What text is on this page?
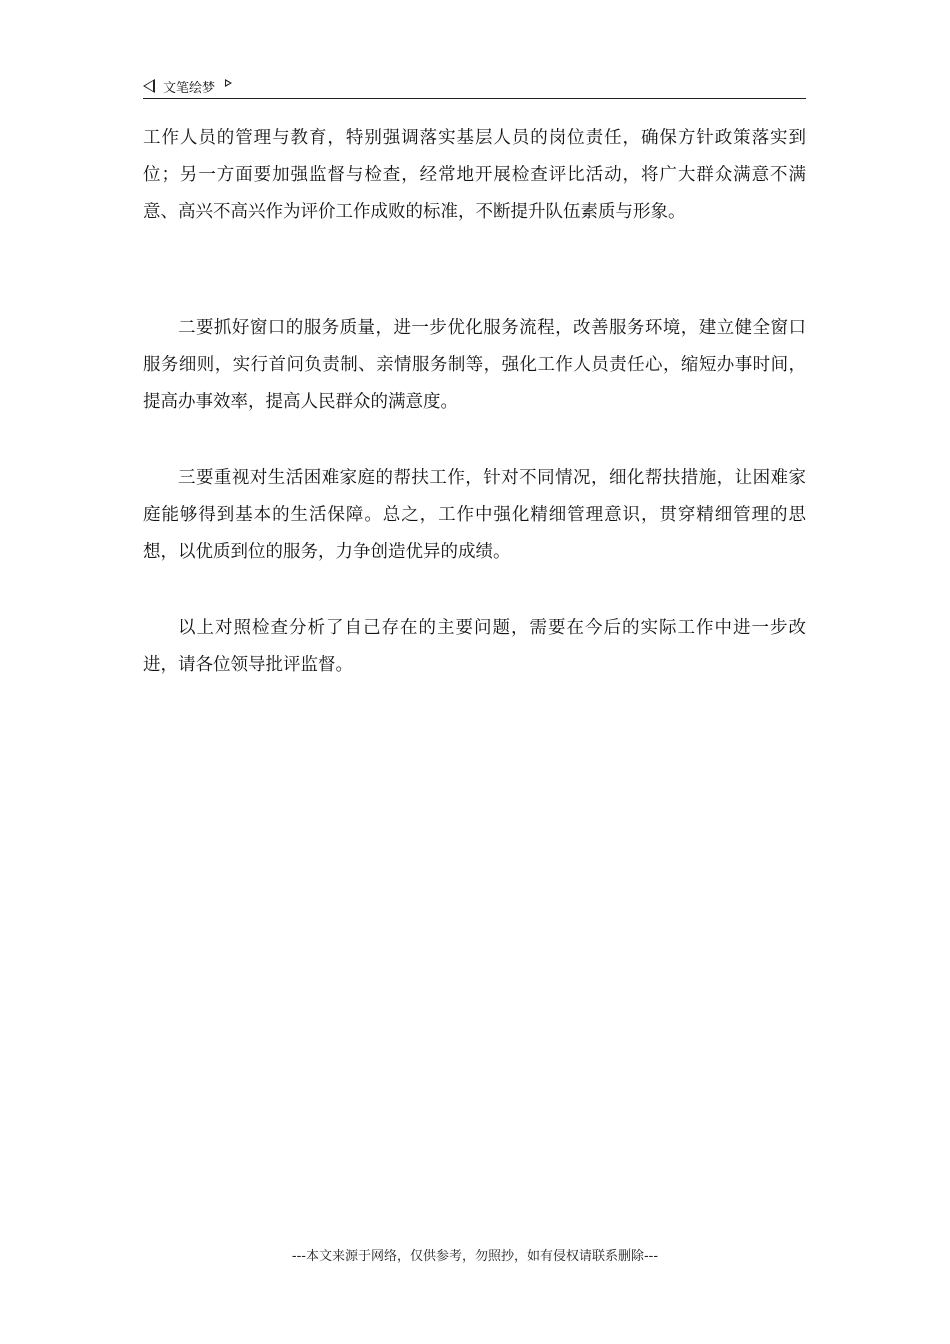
文笔绘梦

工作人员的管理与教育，特别强调落实基层人员的岗位责任，确保方针政策落实到位；另一方面要加强监督与检查，经常地开展检查评比活动，将广大群众满意不满意、高兴不高兴作为评价工作成败的标准，不断提升队伍素质与形象。

二要抓好窗口的服务质量，进一步优化服务流程，改善服务环境，建立健全窗口服务细则，实行首问负责制、亲情服务制等，强化工作人员责任心，缩短办事时间，提高办事效率，提高人民群众的满意度。

三要重视对生活困难家庭的帮扶工作，针对不同情况，细化帮扶措施，让困难家庭能够得到基本的生活保障。总之，工作中强化精细管理意识，贯穿精细管理的思想，以优质到位的服务，力争创造优异的成绩。

以上对照检查分析了自己存在的主要问题，需要在今后的实际工作中进一步改进，请各位领导批评监督。

---本文来源于网络，仅供参考，勿照抄，如有侵权请联系删除---
